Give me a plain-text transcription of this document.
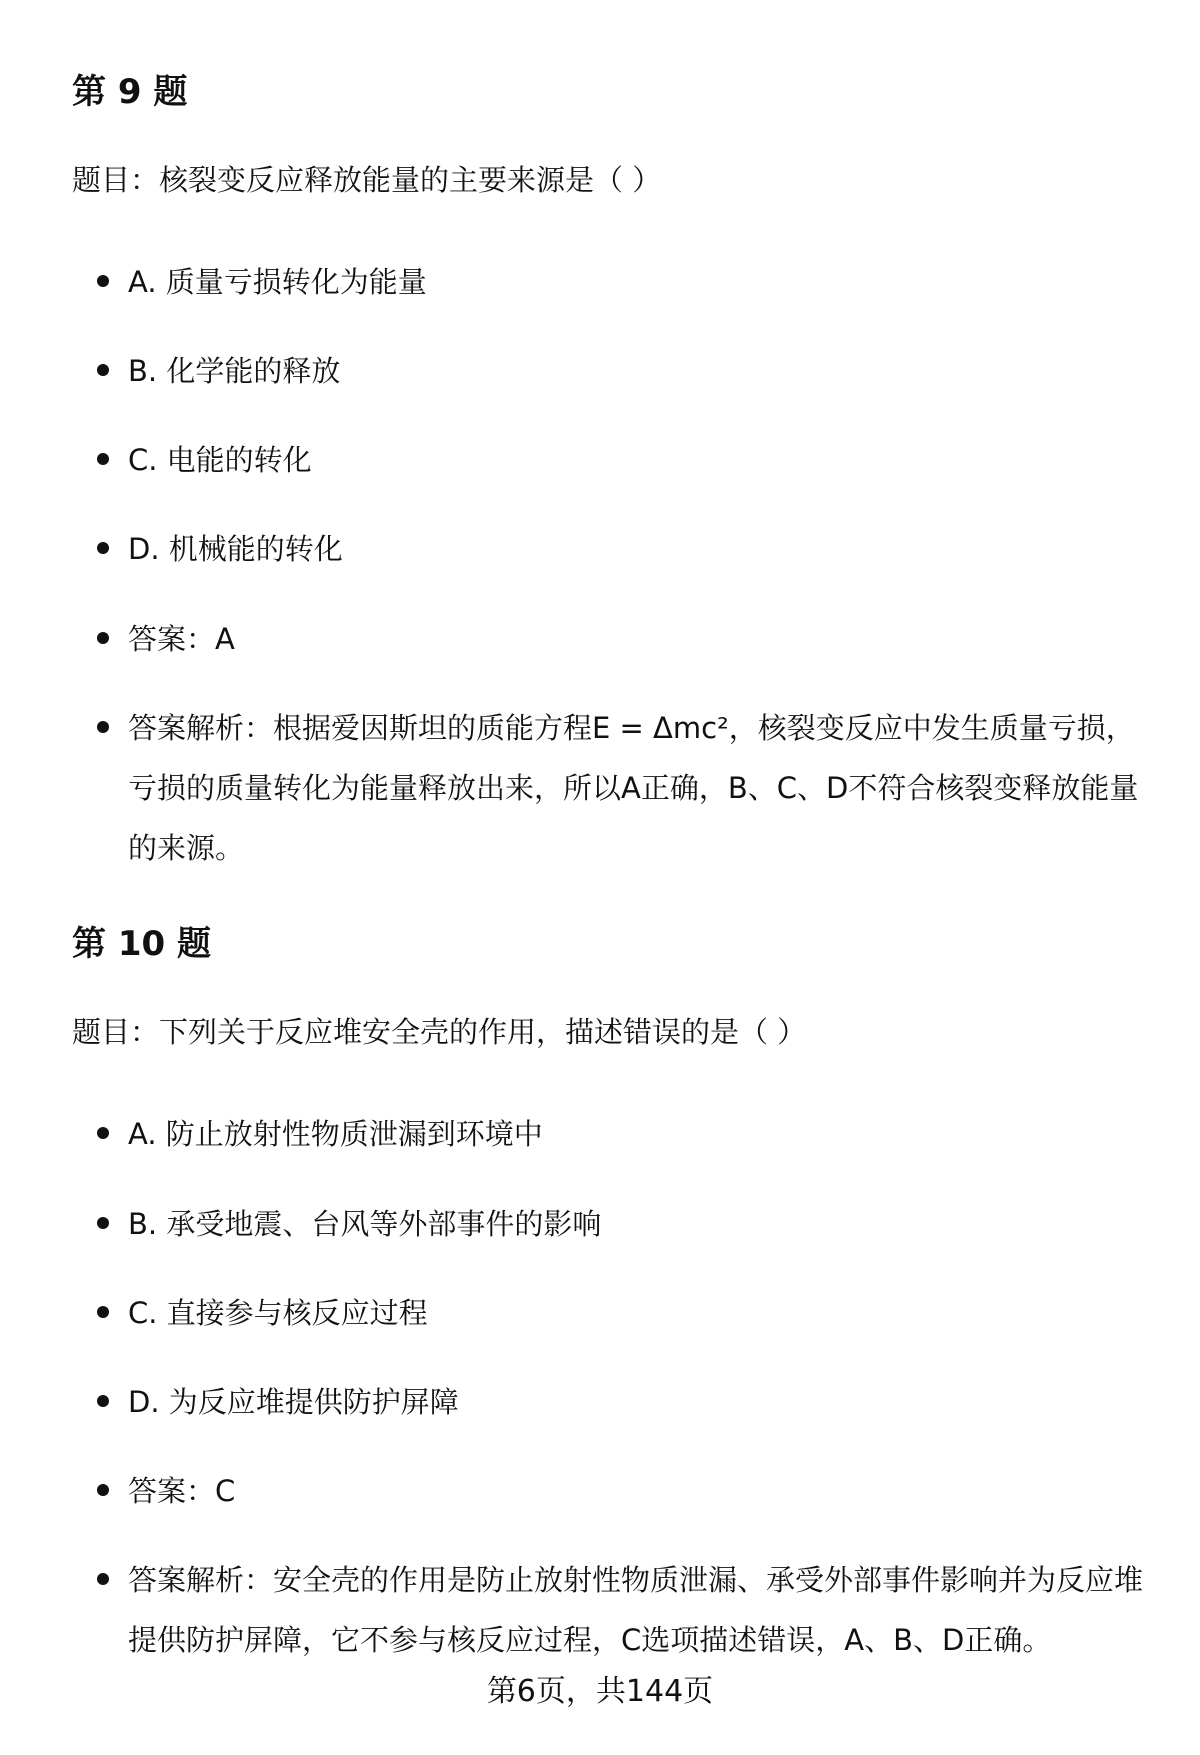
第 9 题

题目：核裂变反应释放能量的主要来源是（ ）

A. 质量亏损转化为能量

B. 化学能的释放

C. 电能的转化

D. 机械能的转化

答案：A

答案解析：根据爱因斯坦的质能方程E = Δmc²，核裂变反应中发生质量亏损，亏损的质量转化为能量释放出来，所以A正确，B、C、D不符合核裂变释放能量的来源。

第 10 题

题目：下列关于反应堆安全壳的作用，描述错误的是（ ）

A. 防止放射性物质泄漏到环境中

B. 承受地震、台风等外部事件的影响

C. 直接参与核反应过程

D. 为反应堆提供防护屏障

答案：C

答案解析：安全壳的作用是防止放射性物质泄漏、承受外部事件影响并为反应堆提供防护屏障，它不参与核反应过程，C选项描述错误，A、B、D正确。

第6页，共144页
